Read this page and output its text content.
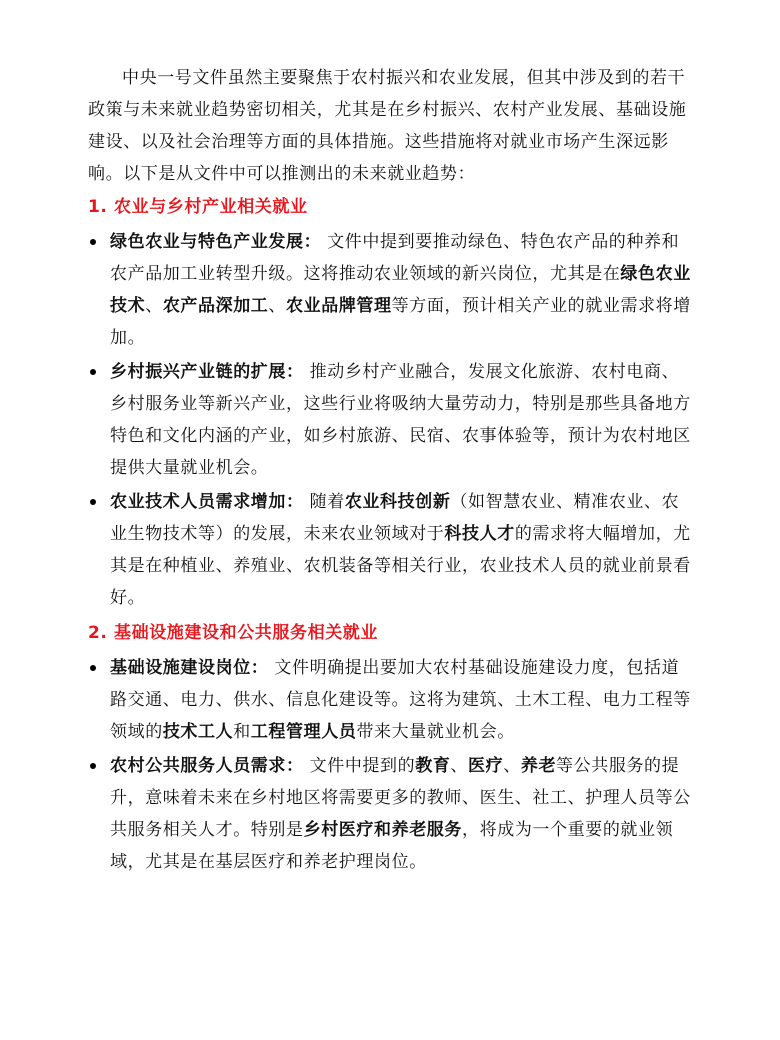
中央一号文件虽然主要聚焦于农村振兴和农业发展，但其中涉及到的若干政策与未来就业趋势密切相关，尤其是在乡村振兴、农村产业发展、基础设施建设、以及社会治理等方面的具体措施。这些措施将对就业市场产生深远影响。以下是从文件中可以推测出的未来就业趋势：

1. 农业与乡村产业相关就业
绿色农业与特色产业发展： 文件中提到要推动绿色、特色农产品的种养和农产品加工业转型升级。这将推动农业领域的新兴岗位，尤其是在绿色农业技术、农产品深加工、农业品牌管理等方面，预计相关产业的就业需求将增加。
乡村振兴产业链的扩展： 推动乡村产业融合，发展文化旅游、农村电商、乡村服务业等新兴产业，这些行业将吸纳大量劳动力，特别是那些具备地方特色和文化内涵的产业，如乡村旅游、民宿、农事体验等，预计为农村地区提供大量就业机会。
农业技术人员需求增加： 随着农业科技创新（如智慧农业、精准农业、农业生物技术等）的发展，未来农业领域对于科技人才的需求将大幅增加，尤其是在种植业、养殖业、农机装备等相关行业，农业技术人员的就业前景看好。
2. 基础设施建设和公共服务相关就业
基础设施建设岗位： 文件明确提出要加大农村基础设施建设力度，包括道路交通、电力、供水、信息化建设等。这将为建筑、土木工程、电力工程等领域的技术工人和工程管理人员带来大量就业机会。
农村公共服务人员需求： 文件中提到的教育、医疗、养老等公共服务的提升，意味着未来在乡村地区将需要更多的教师、医生、社工、护理人员等公共服务相关人才。特别是乡村医疗和养老服务，将成为一个重要的就业领域，尤其是在基层医疗和养老护理岗位。
